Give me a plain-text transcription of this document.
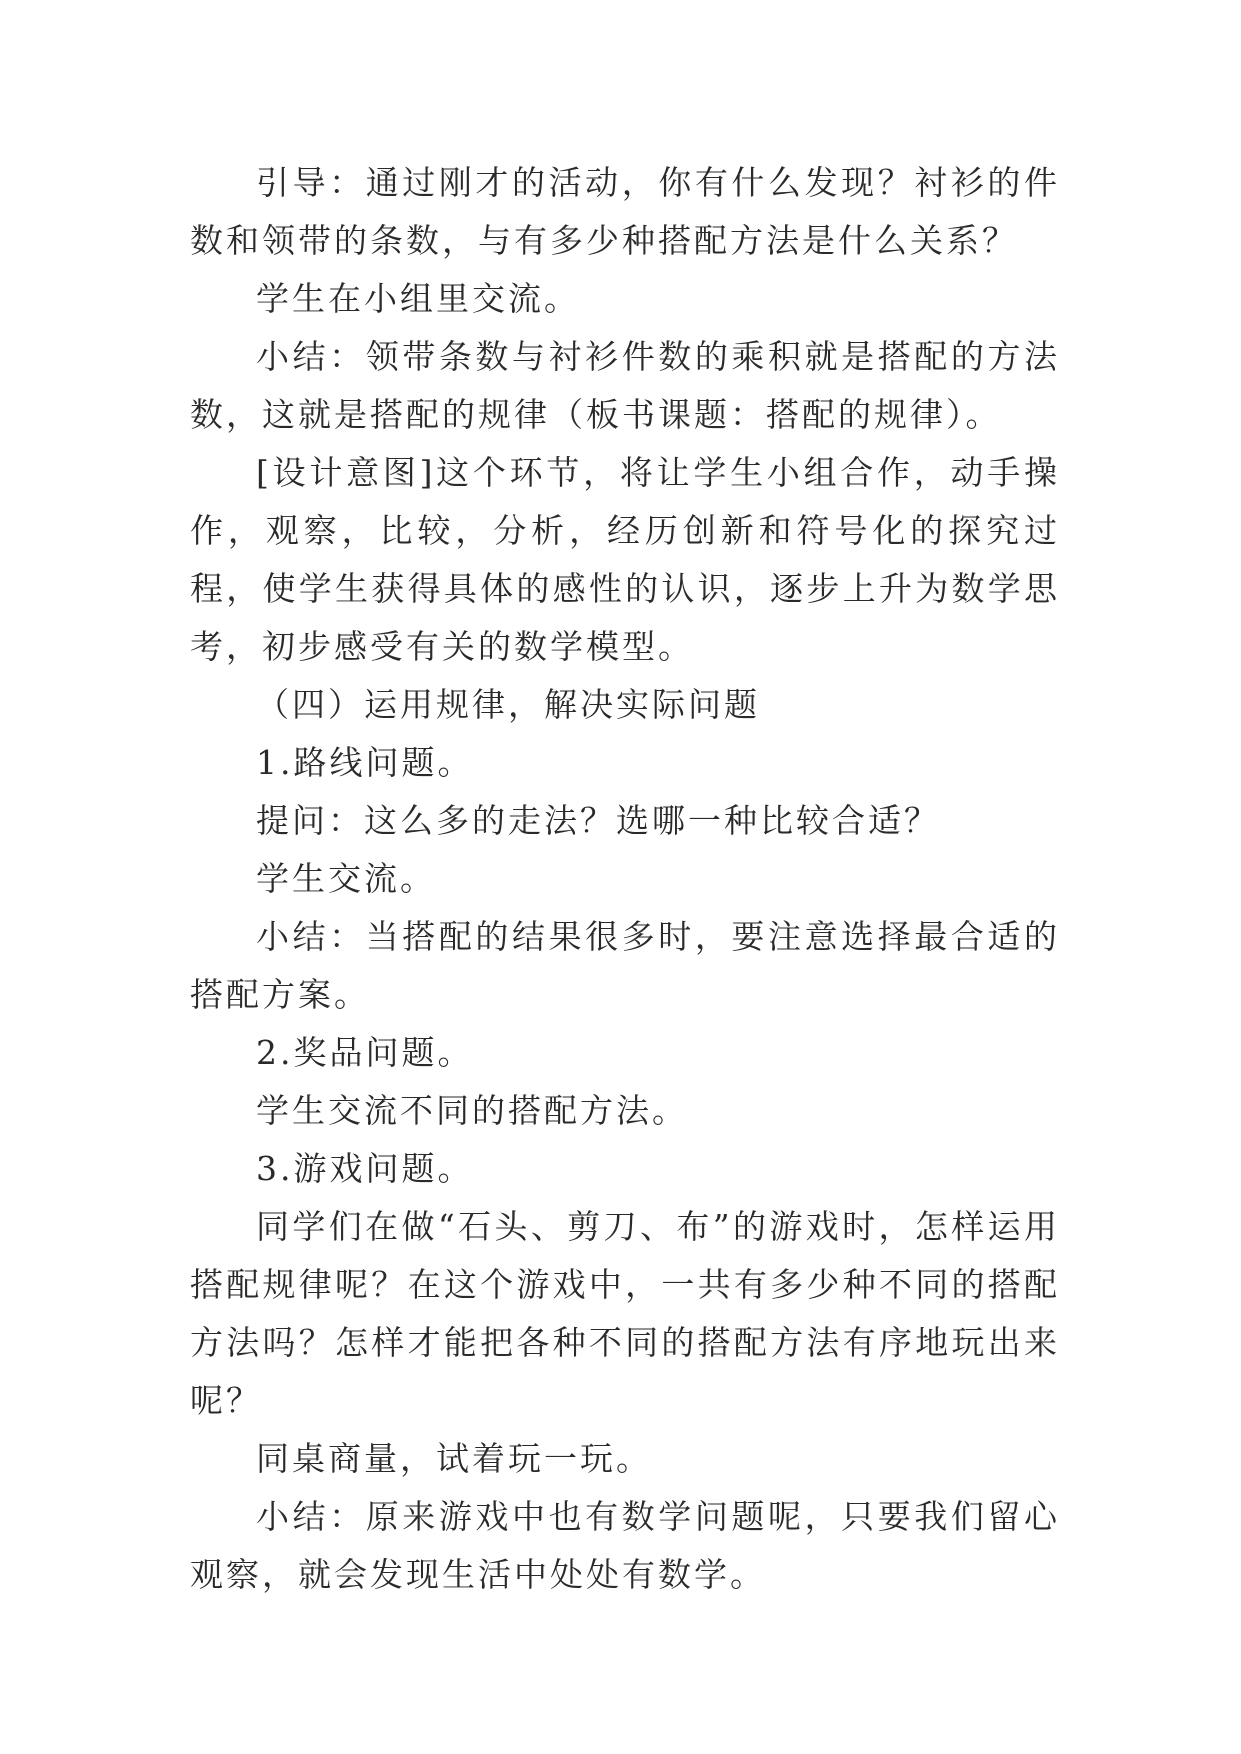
引导：通过刚才的活动，你有什么发现？衬衫的件数和领带的条数，与有多少种搭配方法是什么关系？

学生在小组里交流。

小结：领带条数与衬衫件数的乘积就是搭配的方法数，这就是搭配的规律（板书课题：搭配的规律）。

[设计意图]这个环节，将让学生小组合作，动手操作，观察，比较，分析，经历创新和符号化的探究过程，使学生获得具体的感性的认识，逐步上升为数学思考，初步感受有关的数学模型。

（四）运用规律，解决实际问题

1.路线问题。

提问：这么多的走法？选哪一种比较合适？

学生交流。

小结：当搭配的结果很多时，要注意选择最合适的搭配方案。

2.奖品问题。

学生交流不同的搭配方法。

3.游戏问题。

同学们在做“石头、剪刀、布”的游戏时，怎样运用搭配规律呢？在这个游戏中，一共有多少种不同的搭配方法吗？怎样才能把各种不同的搭配方法有序地玩出来呢？

同桌商量，试着玩一玩。

小结：原来游戏中也有数学问题呢，只要我们留心观察，就会发现生活中处处有数学。
